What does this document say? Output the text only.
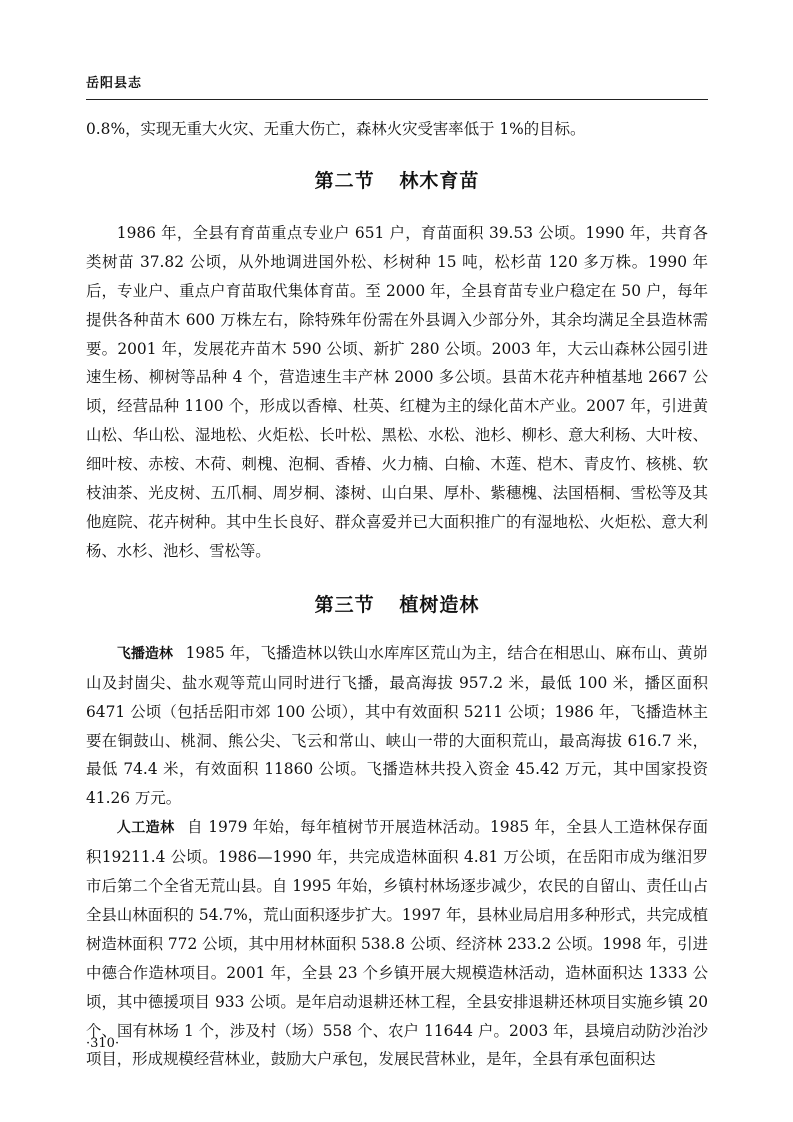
岳阳县志

0.8%，实现无重大火灾、无重大伤亡，森林火灾受害率低于 1%的目标。

第二节 林木育苗

1986 年，全县有育苗重点专业户 651 户，育苗面积 39.53 公顷。1990 年，共育各类树苗 37.82 公顷，从外地调进国外松、杉树种 15 吨，松杉苗 120 多万株。1990 年后，专业户、重点户育苗取代集体育苗。至 2000 年，全县育苗专业户稳定在 50 户，每年提供各种苗木 600 万株左右，除特殊年份需在外县调入少部分外，其余均满足全县造林需要。2001 年，发展花卉苗木 590 公顷、新扩 280 公顷。2003 年，大云山森林公园引进速生杨、柳树等品种 4 个，营造速生丰产林 2000 多公顷。县苗木花卉种植基地 2667 公顷，经营品种 1100 个，形成以香樟、杜英、红楗为主的绿化苗木产业。2007 年，引进黄山松、华山松、湿地松、火炬松、长叶松、黑松、水松、池杉、柳杉、意大利杨、大叶桉、细叶桉、赤桉、木荷、刺槐、泡桐、香椿、火力楠、白榆、木莲、桤木、青皮竹、核桃、软枝油茶、光皮树、五爪桐、周岁桐、漆树、山白果、厚朴、紫穗槐、法国梧桐、雪松等及其他庭院、花卉树种。其中生长良好、群众喜爱并已大面积推广的有湿地松、火炬松、意大利杨、水杉、池杉、雪松等。

第三节 植树造林

飞播造林 1985 年，飞播造林以铁山水库库区荒山为主，结合在相思山、麻布山、黄峁山及封崮尖、盐水观等荒山同时进行飞播，最高海拔 957.2 米，最低 100 米，播区面积 6471 公顷（包括岳阳市郊 100 公顷），其中有效面积 5211 公顷；1986 年，飞播造林主要在铜鼓山、桃洞、熊公尖、飞云和常山、峡山一带的大面积荒山，最高海拔 616.7 米，最低 74.4 米，有效面积 11860 公顷。飞播造林共投入资金 45.42 万元，其中国家投资 41.26 万元。

人工造林 自 1979 年始，每年植树节开展造林活动。1985 年，全县人工造林保存面积19211.4 公顷。1986—1990 年，共完成造林面积 4.81 万公顷，在岳阳市成为继汨罗市后第二个全省无荒山县。自 1995 年始，乡镇村林场逐步减少，农民的自留山、责任山占全县山林面积的 54.7%，荒山面积逐步扩大。1997 年，县林业局启用多种形式，共完成植树造林面积 772 公顷，其中用材林面积 538.8 公顷、经济林 233.2 公顷。1998 年，引进中德合作造林项目。2001 年，全县 23 个乡镇开展大规模造林活动，造林面积达 1333 公顷，其中德援项目 933 公顷。是年启动退耕还林工程，全县安排退耕还林项目实施乡镇 20 个、国有林场 1 个，涉及村（场）558 个、农户 11644 户。2003 年，县境启动防沙治沙项目，形成规模经营林业，鼓励大户承包，发展民营林业，是年，全县有承包面积达

·310·
